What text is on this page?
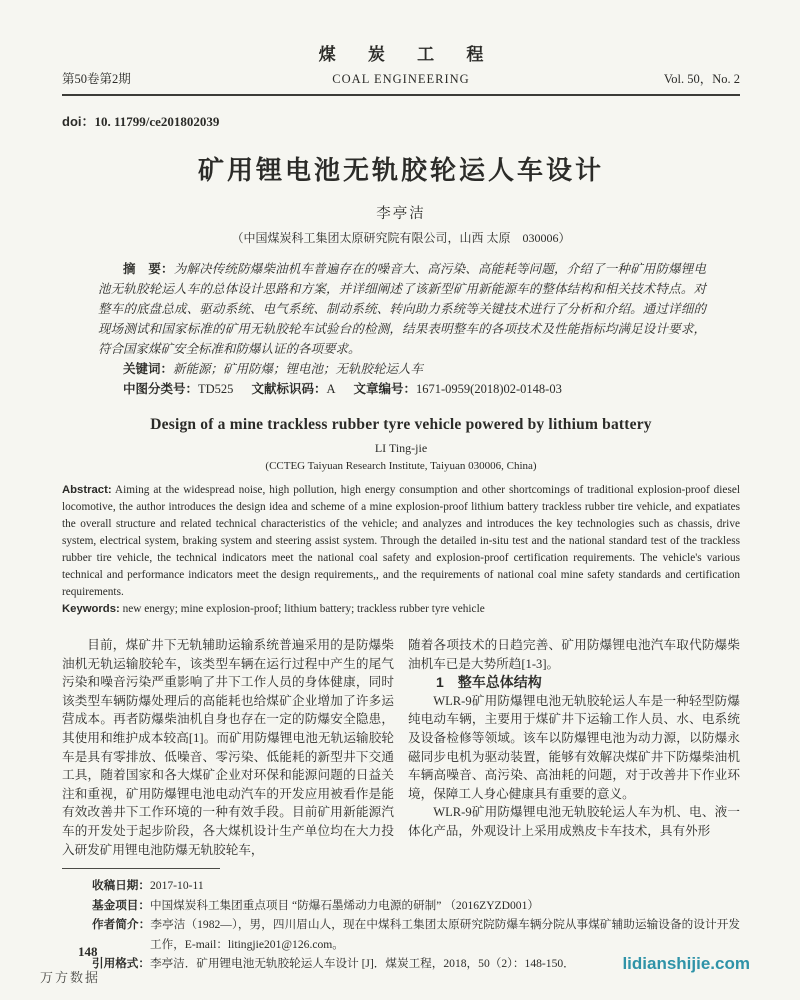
煤 炭 工 程
第50卷第2期	COAL ENGINEERING	Vol. 50，No. 2
doi：10. 11799/ce201802039
矿用锂电池无轨胶轮运人车设计
李亭洁
（中国煤炭科工集团太原研究院有限公司，山西 太原　030006）

摘　要：为解决传统防爆柴油机车普遍存在的噪音大、高污染、高能耗等问题，介绍了一种矿用防爆锂电池无轨胶轮运人车的总体设计思路和方案，并详细阐述了该新型矿用新能源车的整体结构和相关技术特点。对整车的底盘总成、驱动系统、电气系统、制动系统、转向助力系统等关键技术进行了分析和介绍。通过详细的现场测试和国家标准的矿用无轨胶轮车试验台的检测，结果表明整车的各项技术及性能指标均满足设计要求，符合国家煤矿安全标准和防爆认证的各项要求。

关键词：新能源；矿用防爆；锂电池；无轨胶轮运人车

中图分类号：TD525 文献标识码：A 文章编号：1671-0959(2018)02-0148-03

Design of a mine trackless rubber tyre vehicle powered by lithium battery
LI Ting-jie
(CCTEG Taiyuan Research Institute, Taiyuan 030006, China)

Abstract: Aiming at the widespread noise, high pollution, high energy consumption and other shortcomings of traditional explosion-proof diesel locomotive, the author introduces the design idea and scheme of a mine explosion-proof lithium battery trackless rubber tire vehicle, and expatiates the overall structure and related technical characteristics of the vehicle; and analyzes and introduces the key technologies such as chassis, drive system, electrical system, braking system and steering assist system. Through the detailed in-situ test and the national standard test of the trackless rubber tire vehicle, the technical indicators meet the national coal safety and explosion-proof certification requirements. The vehicle's various technical and performance indicators meet the design requirements,, and the requirements of national coal mine safety standards and certification requirements.

Keywords: new energy; mine explosion-proof; lithium battery; trackless rubber tyre vehicle

目前，煤矿井下无轨辅助运输系统普遍采用的是防爆柴油机无轨运输胶轮车，该类型车辆在运行过程中产生的尾气污染和噪音污染严重影响了井下工作人员的身体健康，同时该类型车辆防爆处理后的高能耗也给煤矿企业增加了许多运营成本。再者防爆柴油机自身也存在一定的防爆安全隐患，其使用和维护成本较高[1]。而矿用防爆锂电池无轨运输胶轮车是具有零排放、低噪音、零污染、低能耗的新型井下交通工具，随着国家和各大煤矿企业对环保和能源问题的日益关注和重视，矿用防爆锂电池电动汽车的开发应用被看作是能有效改善井下工作环境的一种有效手段。目前矿用新能源汽车的开发处于起步阶段，各大煤机设计生产单位均在大力投入研发矿用锂电池防爆无轨胶轮车，

随着各项技术的日趋完善、矿用防爆锂电池汽车取代防爆柴油机车已是大势所趋[1-3]。

1 整车总体结构

WLR-9矿用防爆锂电池无轨胶轮运人车是一种轻型防爆纯电动车辆，主要用于煤矿井下运输工作人员、水、电系统及设备检修等领域。该车以防爆锂电池为动力源，以防爆永磁同步电机为驱动装置，能够有效解决煤矿井下防爆柴油机车辆高噪音、高污染、高油耗的问题，对于改善井下作业环境，保障工人身心健康具有重要的意义。

WLR-9矿用防爆锂电池无轨胶轮运人车为机、电、液一体化产品，外观设计上采用成熟皮卡车技术，具有外形

收稿日期：2017-10-11

基金项目：中国煤炭科工集团重点项目 “防爆石墨烯动力电源的研制” （2016ZYZD001）

作者简介：李亭洁（1982—），男，四川眉山人，现在中煤科工集团太原研究院防爆车辆分院从事煤矿辅助运输设备的设计开发工作，E-mail：litingjie201@126.com。

引用格式：李亭洁．矿用锂电池无轨胶轮运人车设计 [J]．煤炭工程，2018，50（2）：148-150．

148
万方数据
lidianshijie.com
